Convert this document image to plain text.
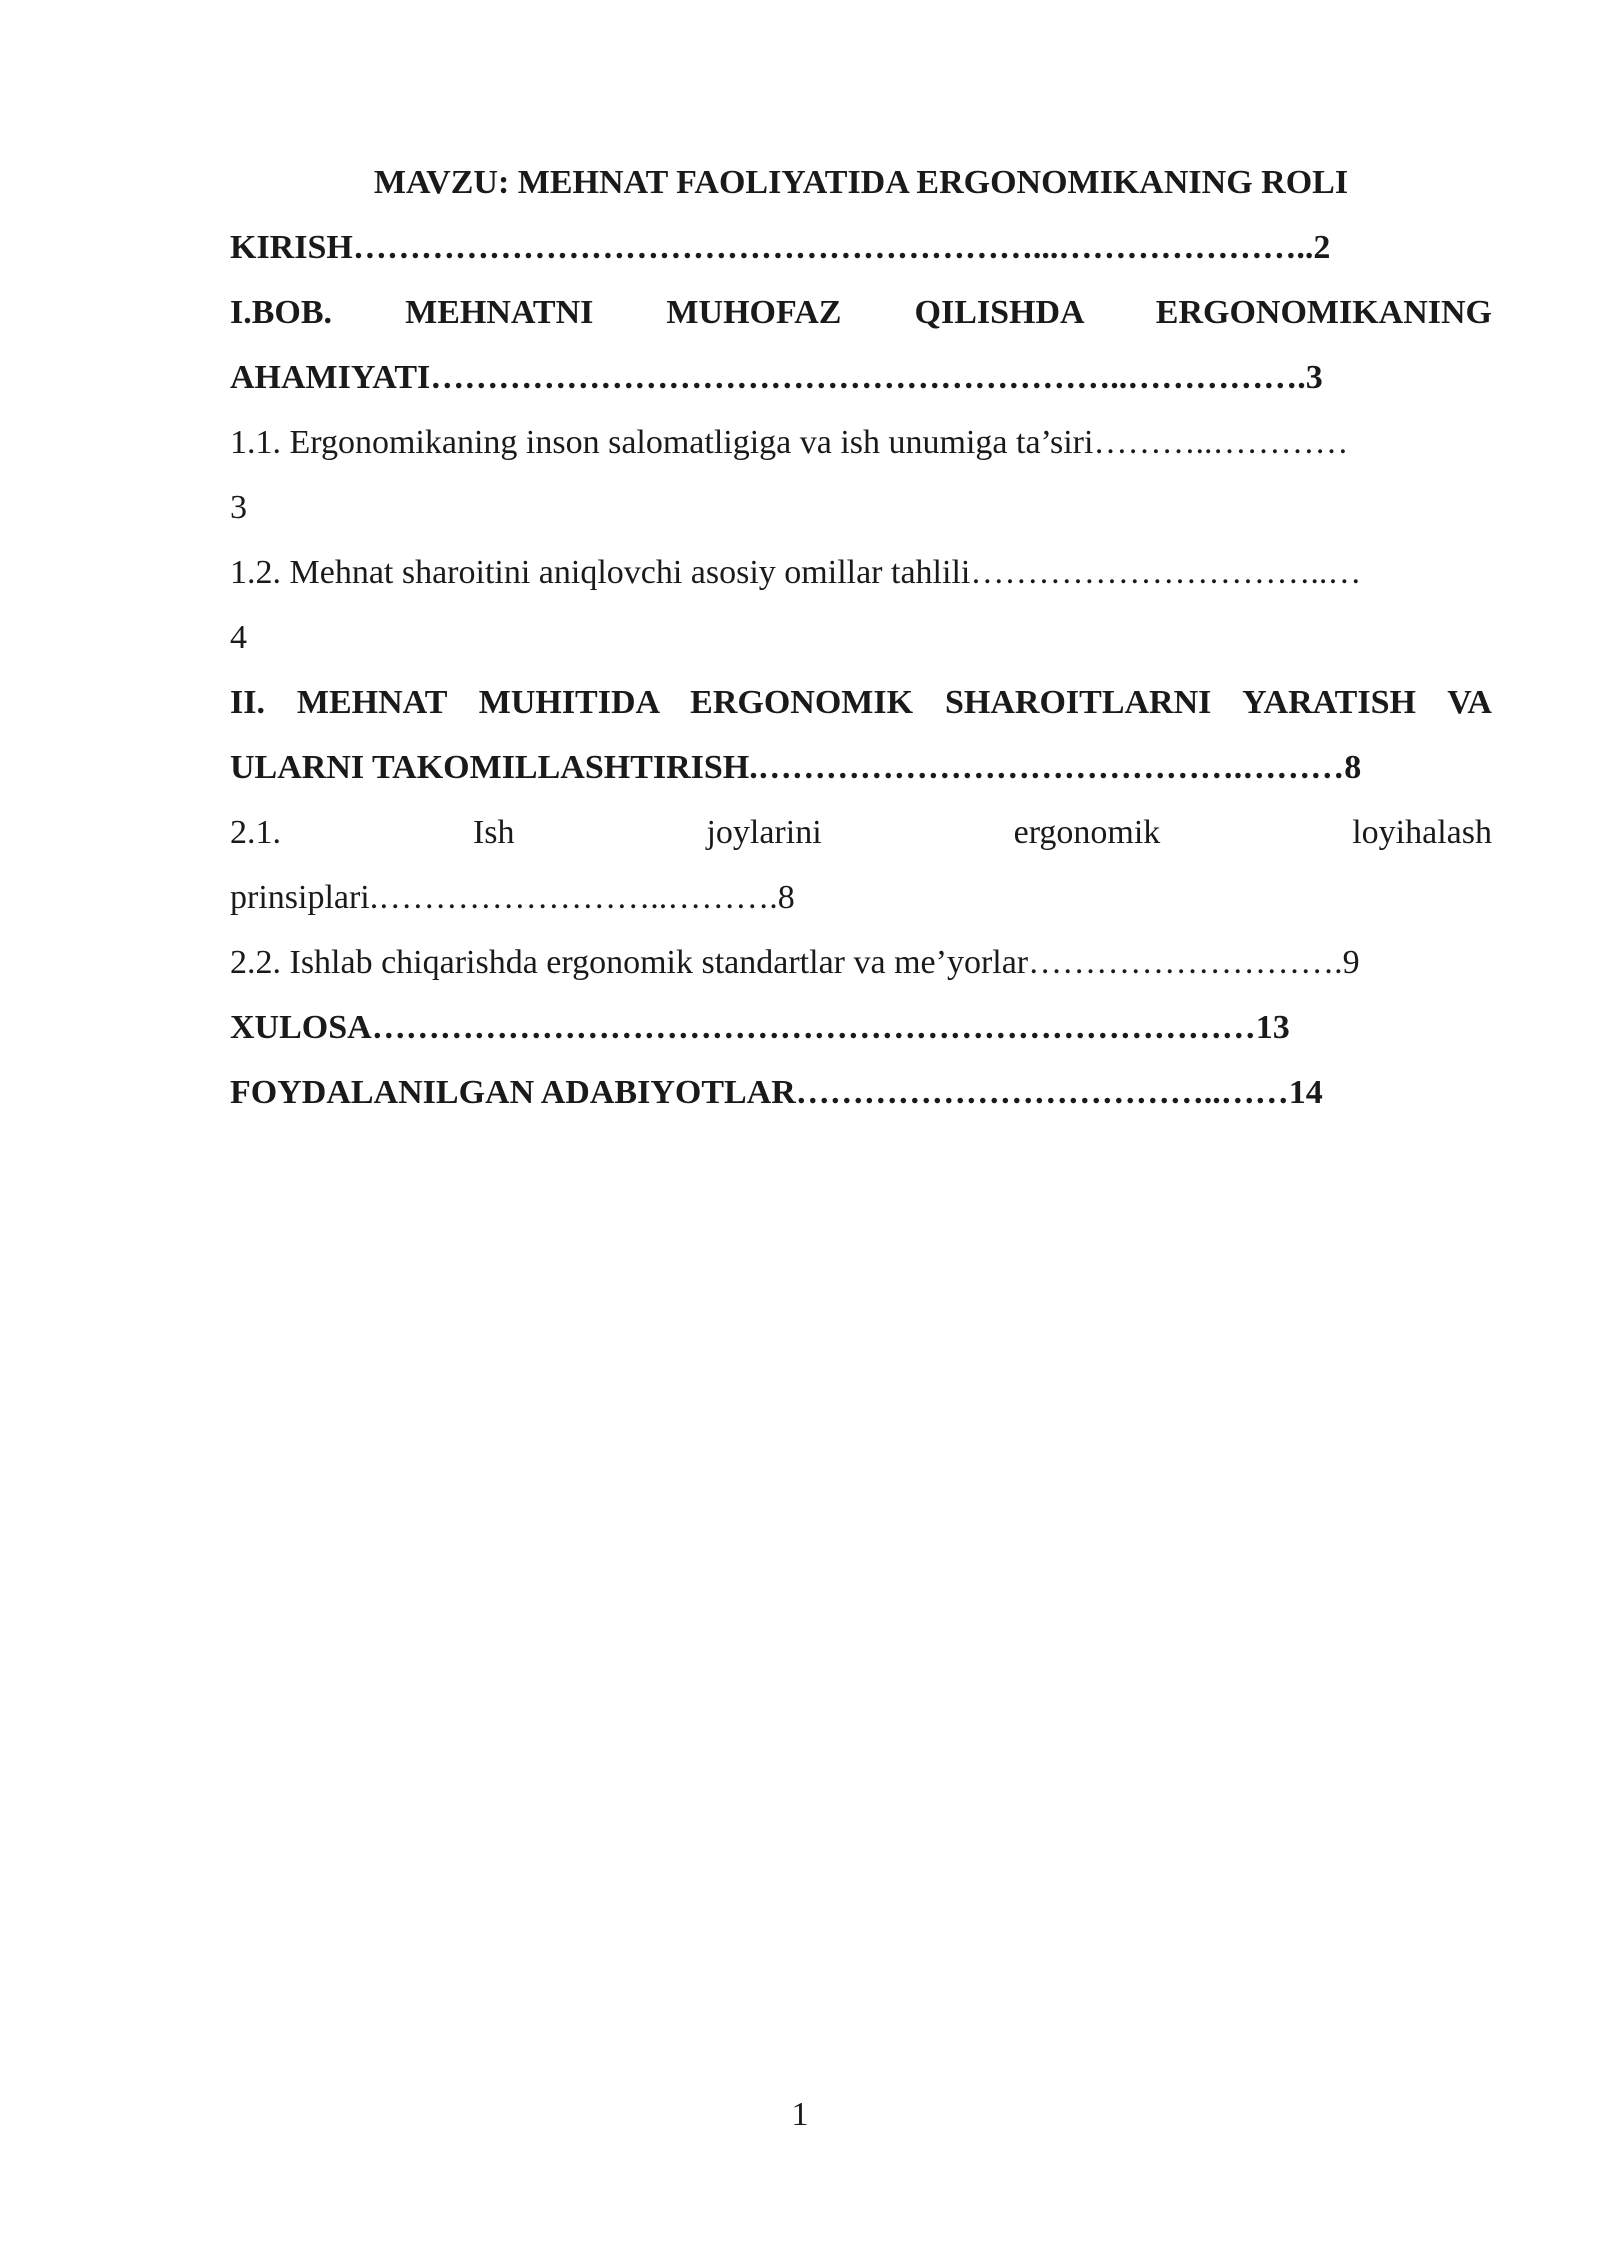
MAVZU: MEHNAT FAOLIYATIDA ERGONOMIKANING ROLI
KIRISH……………………………………………………...…………………..2
I.BOB. MEHNATNI MUHOFAZ QILISHDA ERGONOMIKANING
AHAMIYATI……………………………………………………..…………….3
1.1. Ergonomikaning inson salomatligiga va ish unumiga ta’siri………..…………
3
1.2. Mehnat sharoitini aniqlovchi asosiy omillar tahlili…………………………..…
4
II. MEHNAT MUHITIDA ERGONOMIK SHAROITLARNI YARATISH VA
ULARNI TAKOMILLASHTIRISH.…………………………………….………8
2.1. Ish joylarini ergonomik loyihalash
prinsiplari.……………………..……….8
2.2. Ishlab chiqarishda ergonomik standartlar va me’yorlar……………………….9
XULOSA……………………………………………………………………13
FOYDALANILGAN ADABIYOTLAR………………………………..……14
1
